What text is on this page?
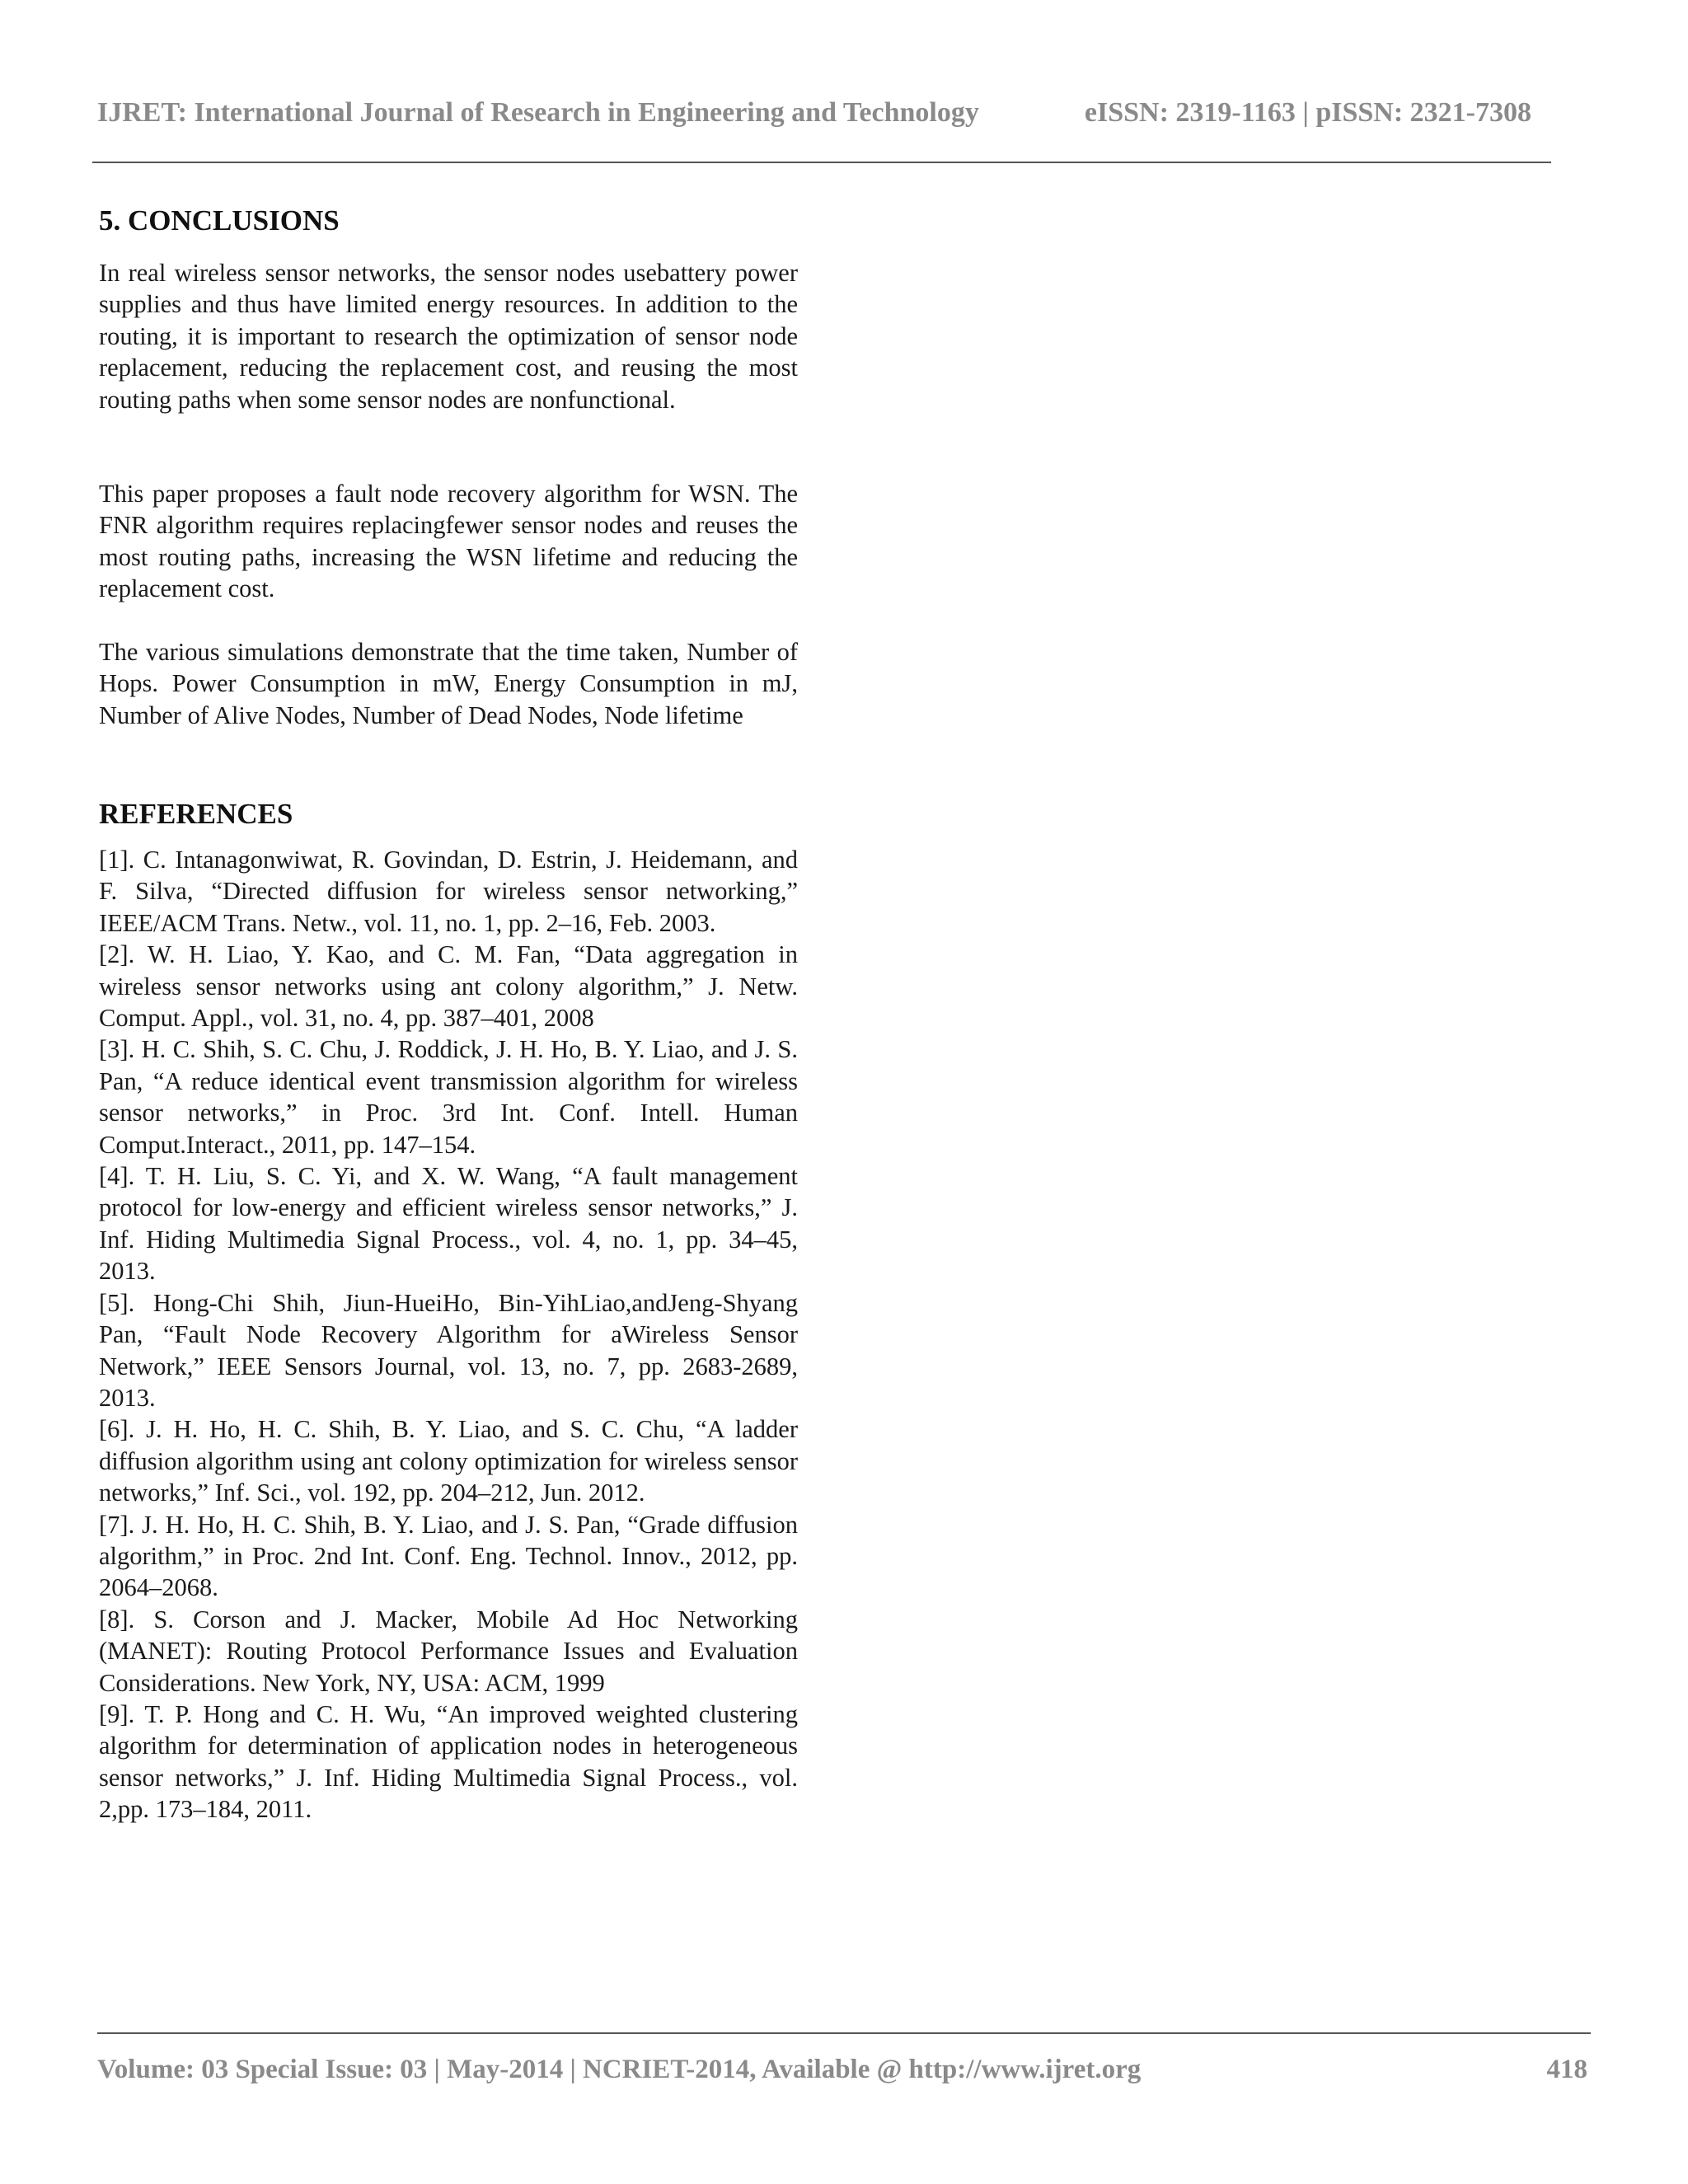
IJRET: International Journal of Research in Engineering and Technology	eISSN: 2319-1163 | pISSN: 2321-7308
5. CONCLUSIONS

In real wireless sensor networks, the sensor nodes usebattery power supplies and thus have limited energy resources. In addition to the routing, it is important to research the optimization of sensor node replacement, reducing the replacement cost, and reusing the most routing paths when some sensor nodes are nonfunctional.

This paper proposes a fault node recovery algorithm for WSN. The FNR algorithm requires replacingfewer sensor nodes and reuses the most routing paths, increasing the WSN lifetime and reducing the replacement cost.

The various simulations demonstrate that the time taken, Number of Hops. Power Consumption in mW, Energy Consumption in mJ, Number of Alive Nodes, Number of Dead Nodes, Node lifetime

REFERENCES
[1]. C. Intanagonwiwat, R. Govindan, D. Estrin, J. Heidemann, and F. Silva, “Directed diffusion for wireless sensor networking,” IEEE/ACM Trans. Netw., vol. 11, no. 1, pp. 2–16, Feb. 2003.
[2]. W. H. Liao, Y. Kao, and C. M. Fan, “Data aggregation in wireless sensor networks using ant colony algorithm,” J. Netw. Comput. Appl., vol. 31, no. 4, pp. 387–401, 2008
[3]. H. C. Shih, S. C. Chu, J. Roddick, J. H. Ho, B. Y. Liao, and J. S. Pan, “A reduce identical event transmission algorithm for wireless sensor networks,” in Proc. 3rd Int. Conf. Intell. Human Comput.Interact., 2011, pp. 147–154.
[4]. T. H. Liu, S. C. Yi, and X. W. Wang, “A fault management protocol for low-energy and efficient wireless sensor networks,” J. Inf. Hiding Multimedia Signal Process., vol. 4, no. 1, pp. 34–45, 2013.
[5]. Hong-Chi Shih, Jiun-HueiHo, Bin-YihLiao,andJeng-Shyang Pan, “Fault Node Recovery Algorithm for aWireless Sensor Network,” IEEE Sensors Journal, vol. 13, no. 7, pp. 2683-2689, 2013.
[6]. J. H. Ho, H. C. Shih, B. Y. Liao, and S. C. Chu, “A ladder diffusion algorithm using ant colony optimization for wireless sensor networks,” Inf. Sci., vol. 192, pp. 204–212, Jun. 2012.
[7]. J. H. Ho, H. C. Shih, B. Y. Liao, and J. S. Pan, “Grade diffusion algorithm,” in Proc. 2nd Int. Conf. Eng. Technol. Innov., 2012, pp. 2064–2068.
[8]. S. Corson and J. Macker, Mobile Ad Hoc Networking (MANET): Routing Protocol Performance Issues and Evaluation Considerations. New York, NY, USA: ACM, 1999
[9]. T. P. Hong and C. H. Wu, “An improved weighted clustering algorithm for determination of application nodes in heterogeneous sensor networks,” J. Inf. Hiding Multimedia Signal Process., vol. 2,pp. 173–184, 2011.
Volume: 03 Special Issue: 03 | May-2014 | NCRIET-2014, Available @ http://www.ijret.org	418
